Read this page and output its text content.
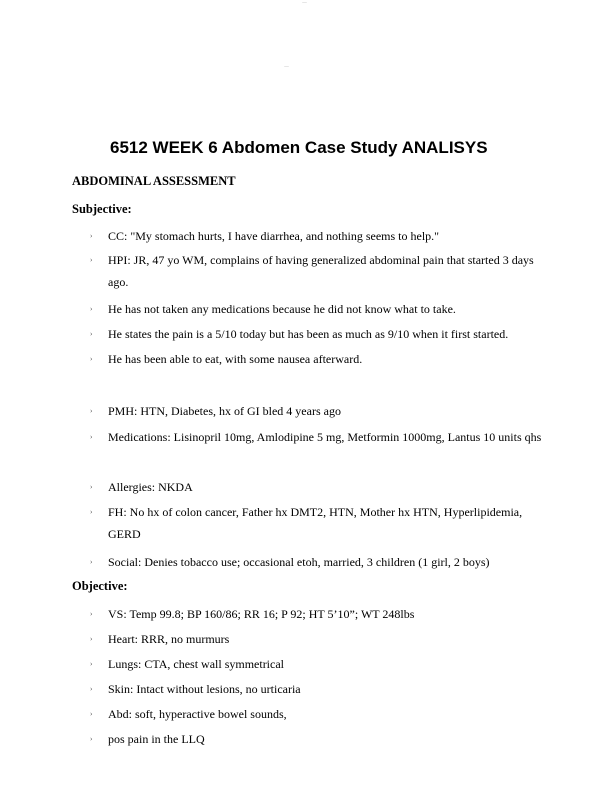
—
—
6512 WEEK 6 Abdomen Case Study ANALISYS
ABDOMINAL ASSESSMENT
Subjective:
› CC: "My stomach hurts, I have diarrhea, and nothing seems to help."
› HPI: JR, 47 yo WM, complains of having generalized abdominal pain that started 3 days ago.
› He has not taken any medications because he did not know what to take.
› He states the pain is a 5/10 today but has been as much as 9/10 when it first started.
› He has been able to eat, with some nausea afterward.
› PMH: HTN, Diabetes, hx of GI bled 4 years ago
› Medications: Lisinopril 10mg, Amlodipine 5 mg, Metformin 1000mg, Lantus 10 units qhs
› Allergies: NKDA
› FH: No hx of colon cancer, Father hx DMT2, HTN, Mother hx HTN, Hyperlipidemia, GERD
› Social: Denies tobacco use; occasional etoh, married, 3 children (1 girl, 2 boys)
Objective:
› VS: Temp 99.8; BP 160/86; RR 16; P 92; HT 5’10”; WT 248lbs
› Heart: RRR, no murmurs
› Lungs: CTA, chest wall symmetrical
› Skin: Intact without lesions, no urticaria
› Abd: soft, hyperactive bowel sounds,
› pos pain in the LLQ
